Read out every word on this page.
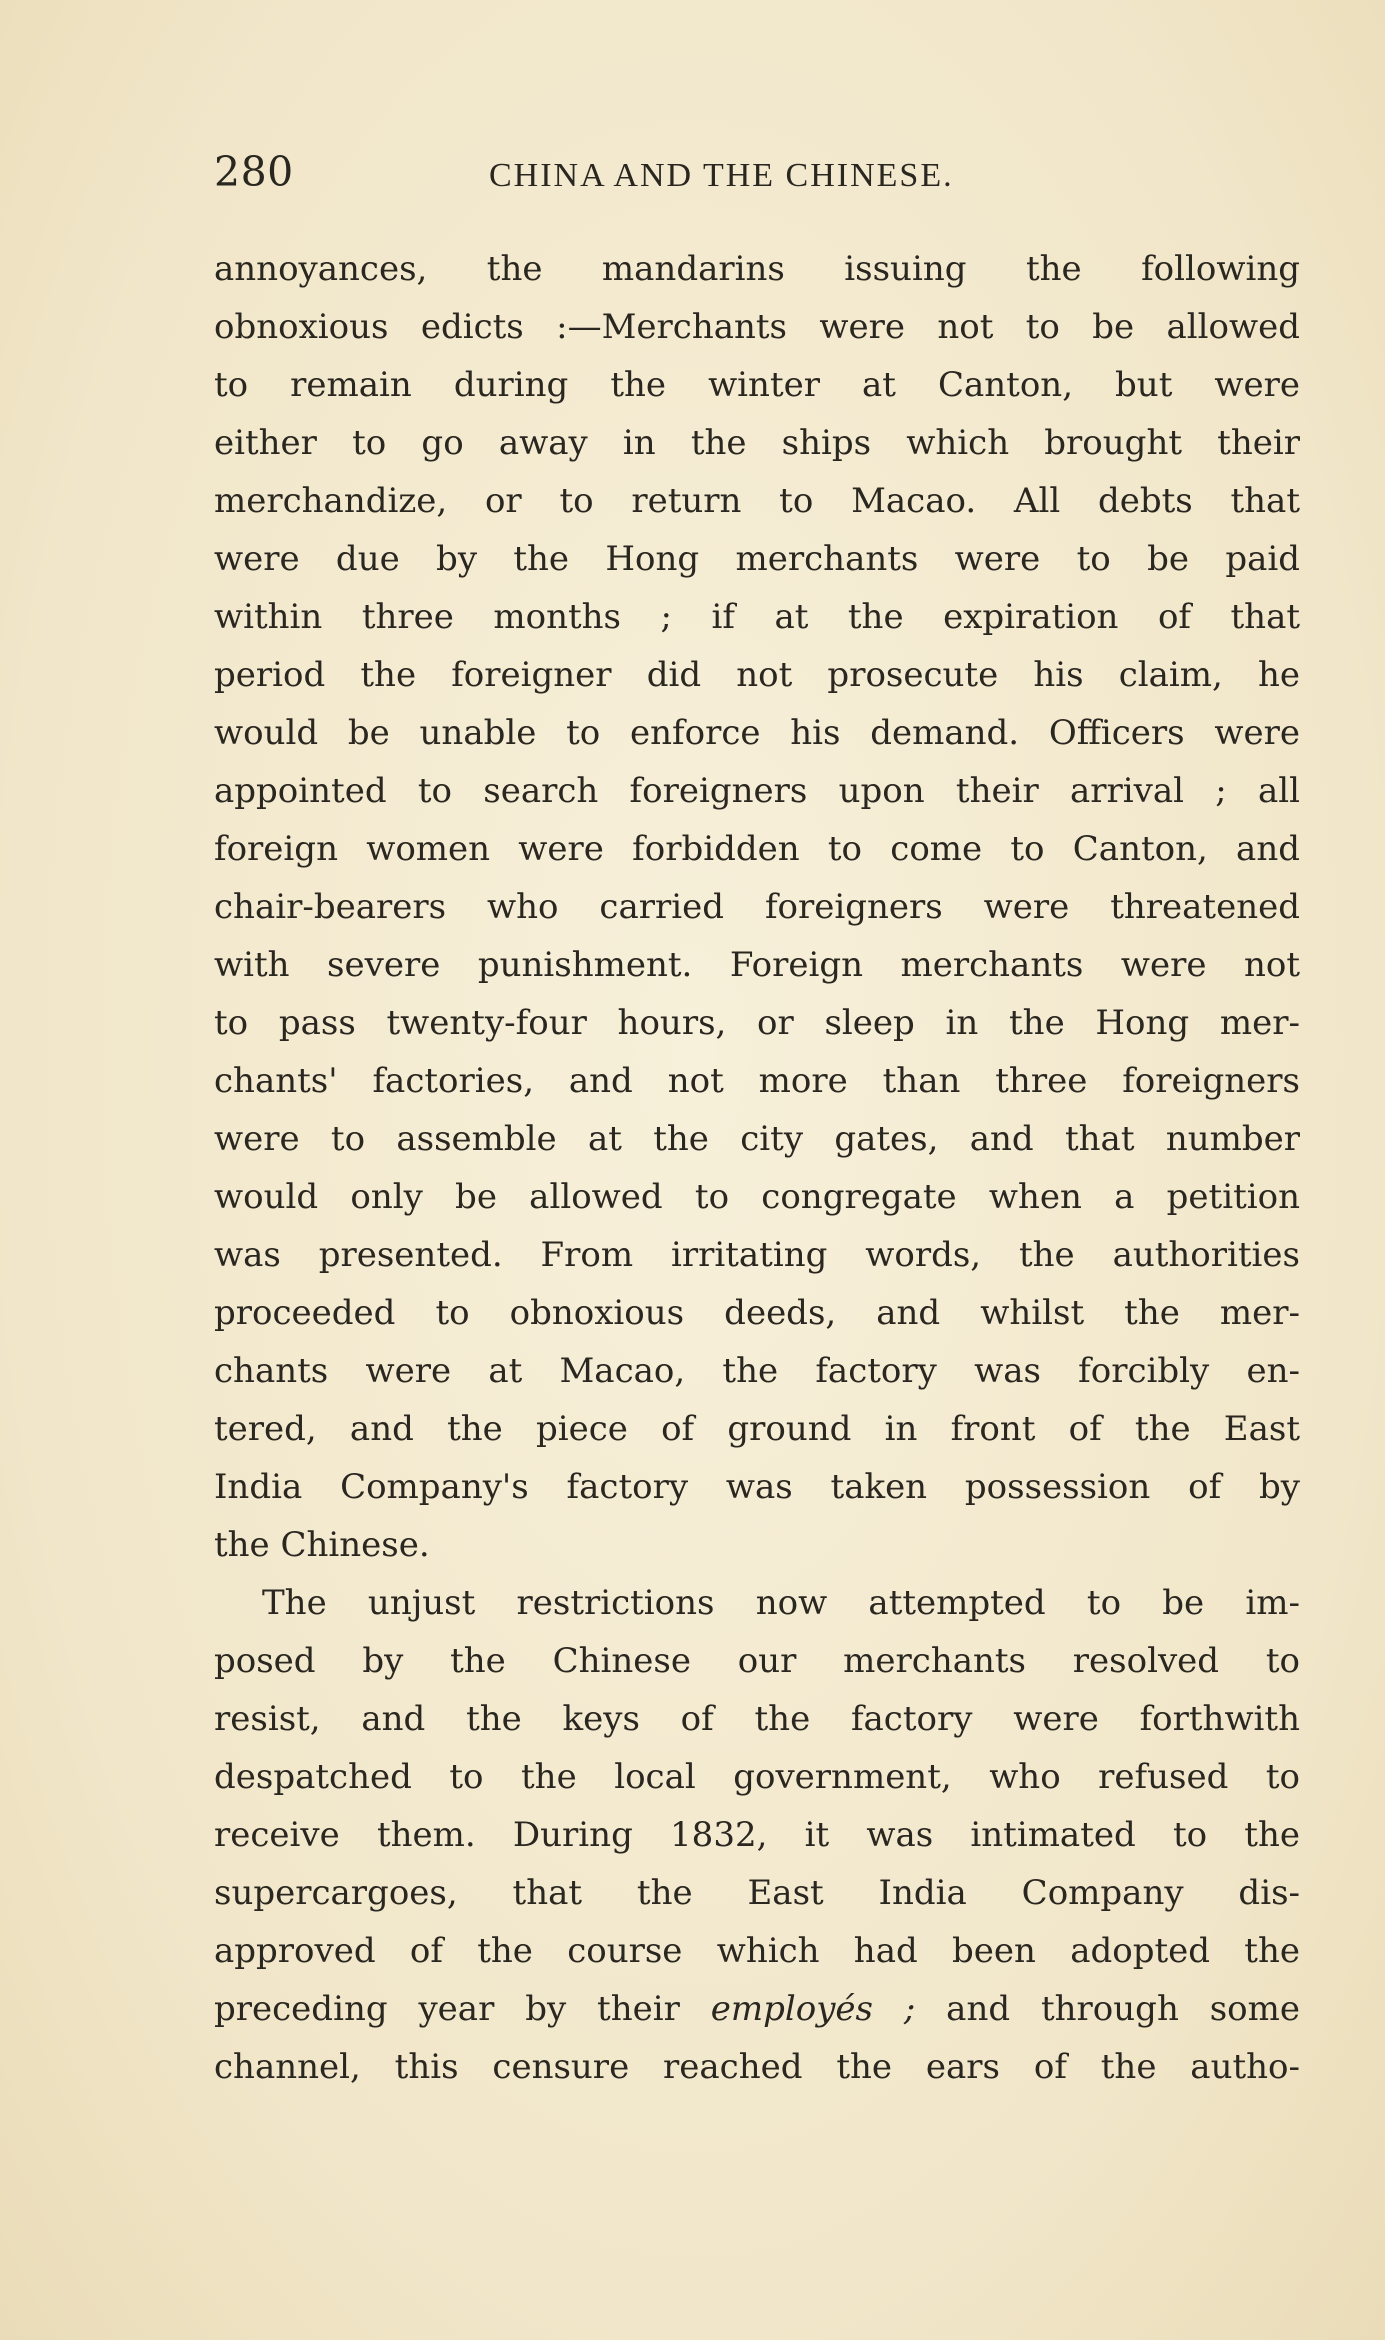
280	CHINA AND THE CHINESE.
annoyances, the mandarins issuing the following
obnoxious edicts :—Merchants were not to be allowed
to remain during the winter at Canton, but were
either to go away in the ships which brought their
merchandize, or to return to Macao. All debts that
were due by the Hong merchants were to be paid
within three months ; if at the expiration of that
period the foreigner did not prosecute his claim, he
would be unable to enforce his demand. Officers were
appointed to search foreigners upon their arrival ; all
foreign women were forbidden to come to Canton, and
chair-bearers who carried foreigners were threatened
with severe punishment. Foreign merchants were not
to pass twenty-four hours, or sleep in the Hong mer-
chants' factories, and not more than three foreigners
were to assemble at the city gates, and that number
would only be allowed to congregate when a petition
was presented. From irritating words, the authorities
proceeded to obnoxious deeds, and whilst the mer-
chants were at Macao, the factory was forcibly en-
tered, and the piece of ground in front of the East
India Company's factory was taken possession of by
the Chinese.
The unjust restrictions now attempted to be im-
posed by the Chinese our merchants resolved to
resist, and the keys of the factory were forthwith
despatched to the local government, who refused to
receive them. During 1832, it was intimated to the
supercargoes, that the East India Company dis-
approved of the course which had been adopted the
preceding year by their employés ; and through some
channel, this censure reached the ears of the autho-
